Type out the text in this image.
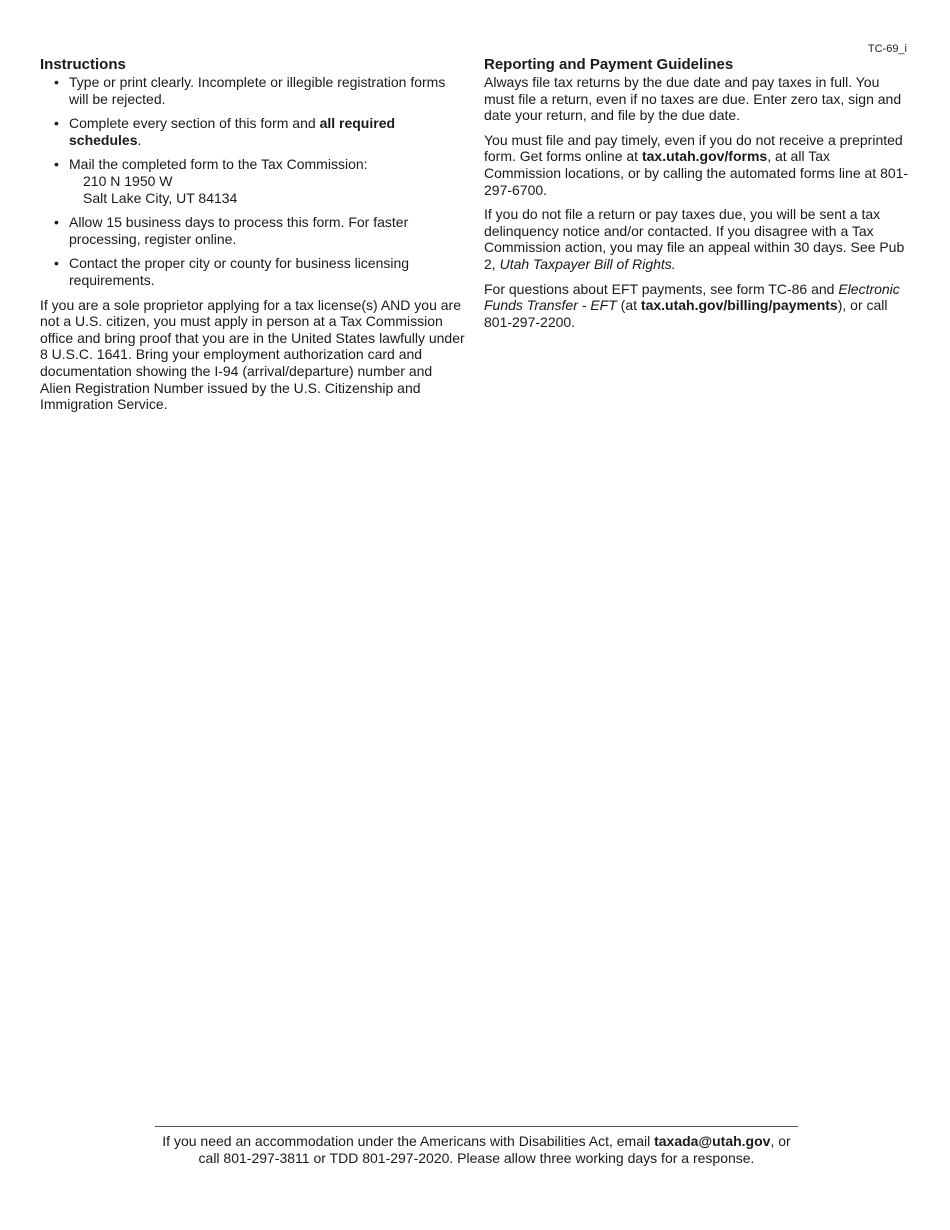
TC-69_i
Instructions
• Type or print clearly. Incomplete or illegible registration forms will be rejected.
• Complete every section of this form and all required schedules.
• Mail the completed form to the Tax Commission:
210 N 1950 W
Salt Lake City, UT 84134
• Allow 15 business days to process this form. For faster processing, register online.
• Contact the proper city or county for business licensing requirements.

If you are a sole proprietor applying for a tax license(s) AND you are not a U.S. citizen, you must apply in person at a Tax Commission office and bring proof that you are in the United States lawfully under 8 U.S.C. 1641. Bring your employment authorization card and documentation showing the I-94 (arrival/departure) number and Alien Registration Number issued by the U.S. Citizenship and Immigration Service.

Reporting and Payment Guidelines

Always file tax returns by the due date and pay taxes in full. You must file a return, even if no taxes are due. Enter zero tax, sign and date your return, and file by the due date.

You must file and pay timely, even if you do not receive a preprinted form. Get forms online at tax.utah.gov/forms, at all Tax Commission locations, or by calling the automated forms line at 801-297-6700.

If you do not file a return or pay taxes due, you will be sent a tax delinquency notice and/or contacted. If you disagree with a Tax Commission action, you may file an appeal within 30 days. See Pub 2, Utah Taxpayer Bill of Rights.

For questions about EFT payments, see form TC-86 and Electronic Funds Transfer - EFT (at tax.utah.gov/billing/payments), or call 801-297-2200.

If you need an accommodation under the Americans with Disabilities Act, email taxada@utah.gov, or
call 801-297-3811 or TDD 801-297-2020. Please allow three working days for a response.
